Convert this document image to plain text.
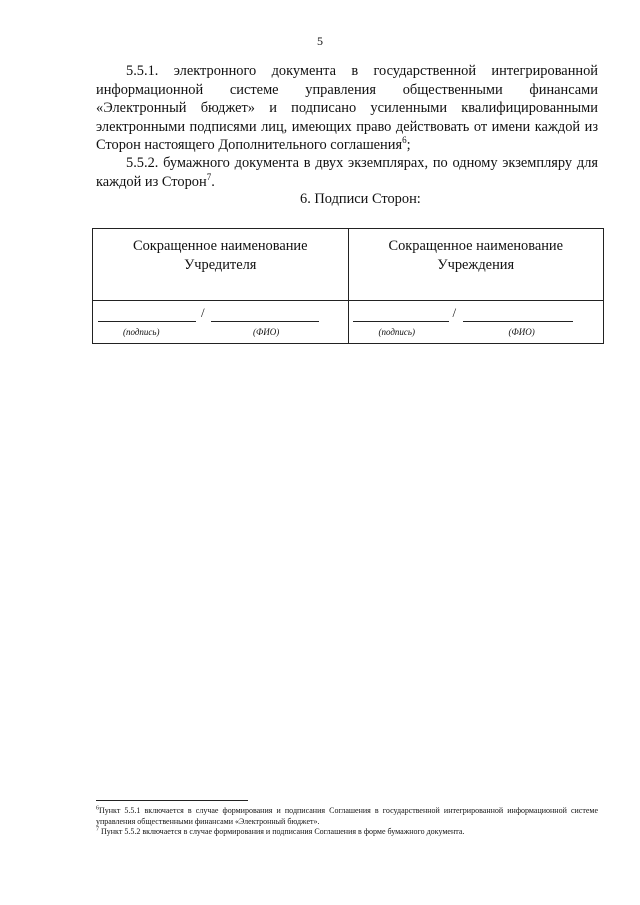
5

5.5.1. электронного документа в государственной интегрированной информационной системе управления общественными финансами «Электронный бюджет» и подписано усиленными квалифицированными электронными подписями лиц, имеющих право действовать от имени каждой из Сторон настоящего Дополнительного соглашения$^6$;

5.5.2. бумажного документа в двух экземплярах, по одному экземпляру для каждой из Сторон$^7$.

6. Подписи Сторон:
Сокращенное наименование
Учредителя
/
(подпись)	(ФИО)
Сокращенное наименование
Учреждения
/
(подпись)	(ФИО)

$^6$Пункт 5.5.1 включается в случае формирования и подписания Соглашения в государственной интегрированной информационной системе управления общественными финансами «Электронный бюджет».

$^7$ Пункт 5.5.2 включается в случае формирования и подписания Соглашения в форме бумажного документа.
